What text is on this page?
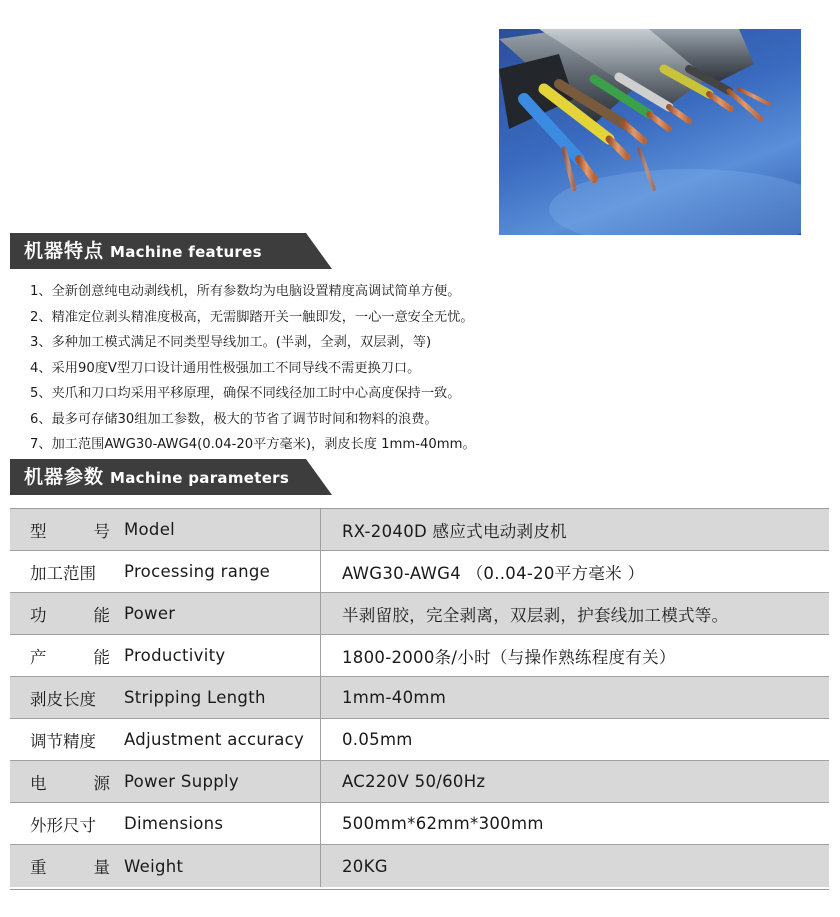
机器特点 Machine features
1、全新创意纯电动剥线机，所有参数均为电脑设置精度高调试简单方便。
2、精准定位剥头精准度极高，无需脚踏开关一触即发，一心一意安全无忧。
3、多种加工模式满足不同类型导线加工。(半剥，全剥，双层剥，等)
4、采用90度V型刀口设计通用性极强加工不同导线不需更换刀口。
5、夹爪和刀口均采用平移原理，确保不同线径加工时中心高度保持一致。
6、最多可存储30组加工参数，极大的节省了调节时间和物料的浪费。
7、加工范围AWG30-AWG4(0.04-20平方毫米)，剥皮长度 1mm-40mm。
机器参数 Machine parameters
型	号 Model	RX-2040D 感应式电动剥皮机
加工范围 Processing range	AWG30-AWG4 （0..04-20平方毫米 ）
功	能 Power	半剥留胶，完全剥离，双层剥，护套线加工模式等。
产	能 Productivity	1800-2000条/小时（与操作熟练程度有关）
剥皮长度 Stripping Length	1mm-40mm
调节精度 Adjustment accuracy	0.05mm
电	源 Power Supply	AC220V 50/60Hz
外形尺寸 Dimensions	500mm*62mm*300mm
重	量 Weight	20KG
